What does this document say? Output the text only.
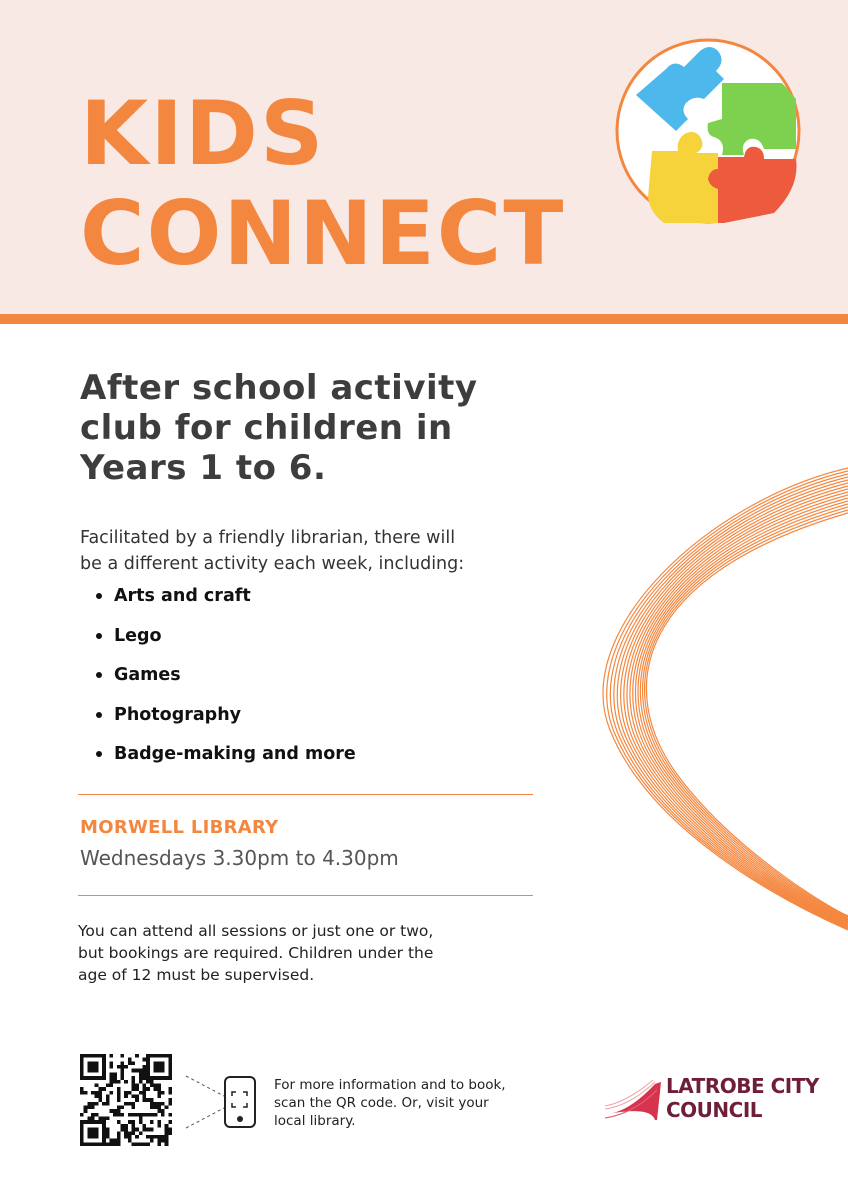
KIDS
CONNECT
After school activity
club for children in
Years 1 to 6.

Facilitated by a friendly librarian, there will
be a different activity each week, including:

Arts and craft
Lego
Games
Photography
Badge-making and more
MORWELL LIBRARY
Wednesdays 3.30pm to 4.30pm

You can attend all sessions or just one or two,
but bookings are required. Children under the
age of 12 must be supervised.

For more information and to book,
scan the QR code. Or, visit your
local library.

LATROBE CITY
COUNCIL
